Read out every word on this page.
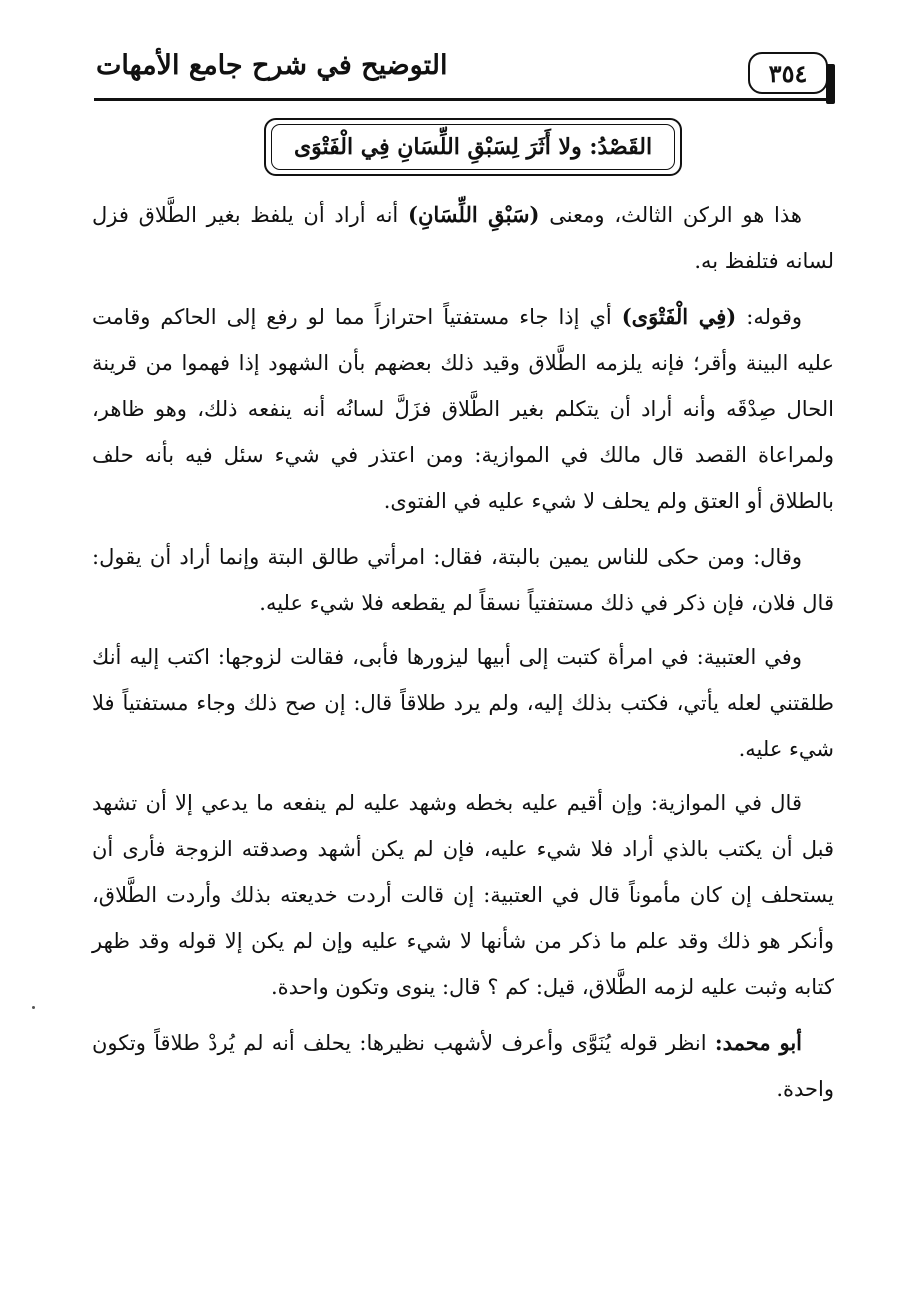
التوضيح في شرح جامع الأمهات	٣٥٤
القَصْدُ: ولا أَثَرَ لِسَبْقِ اللِّسَانِ فِي الْفَتْوَى

هذا هو الركن الثالث، ومعنى (سَبْقِ اللِّسَانِ) أنه أراد أن يلفظ بغير الطَّلاق فزل لسانه فتلفظ به.

وقوله: (فِي الْفَتْوَى) أي إذا جاء مستفتياً احترازاً مما لو رفع إلى الحاكم وقامت عليه البينة وأقر؛ فإنه يلزمه الطَّلاق وقيد ذلك بعضهم بأن الشهود إذا فهموا من قرينة الحال صِدْقَه وأنه أراد أن يتكلم بغير الطَّلاق فزَلَّ لسانُه أنه ينفعه ذلك، وهو ظاهر، ولمراعاة القصد قال مالك في الموازية: ومن اعتذر في شيء سئل فيه بأنه حلف بالطلاق أو العتق ولم يحلف لا شيء عليه في الفتوى.

وقال: ومن حكى للناس يمين بالبتة، فقال: امرأتي طالق البتة وإنما أراد أن يقول: قال فلان، فإن ذكر في ذلك مستفتياً نسقاً لم يقطعه فلا شيء عليه.

وفي العتبية: في امرأة كتبت إلى أبيها ليزورها فأبى، فقالت لزوجها: اكتب إليه أنك طلقتني لعله يأتي، فكتب بذلك إليه، ولم يرد طلاقاً قال: إن صح ذلك وجاء مستفتياً فلا شيء عليه.

قال في الموازية: وإن أقيم عليه بخطه وشهد عليه لم ينفعه ما يدعي إلا أن تشهد قبل أن يكتب بالذي أراد فلا شيء عليه، فإن لم يكن أشهد وصدقته الزوجة فأرى أن يستحلف إن كان مأموناً قال في العتبية: إن قالت أردت خديعته بذلك وأردت الطَّلاق، وأنكر هو ذلك وقد علم ما ذكر من شأنها لا شيء عليه وإن لم يكن إلا قوله وقد ظهر كتابه وثبت عليه لزمه الطَّلاق، قيل: كم ؟ قال: ينوى وتكون واحدة.

أبو محمد: انظر قوله يُنَوَّى وأعرف لأشهب نظيرها: يحلف أنه لم يُردْ طلاقاً وتكون واحدة.
